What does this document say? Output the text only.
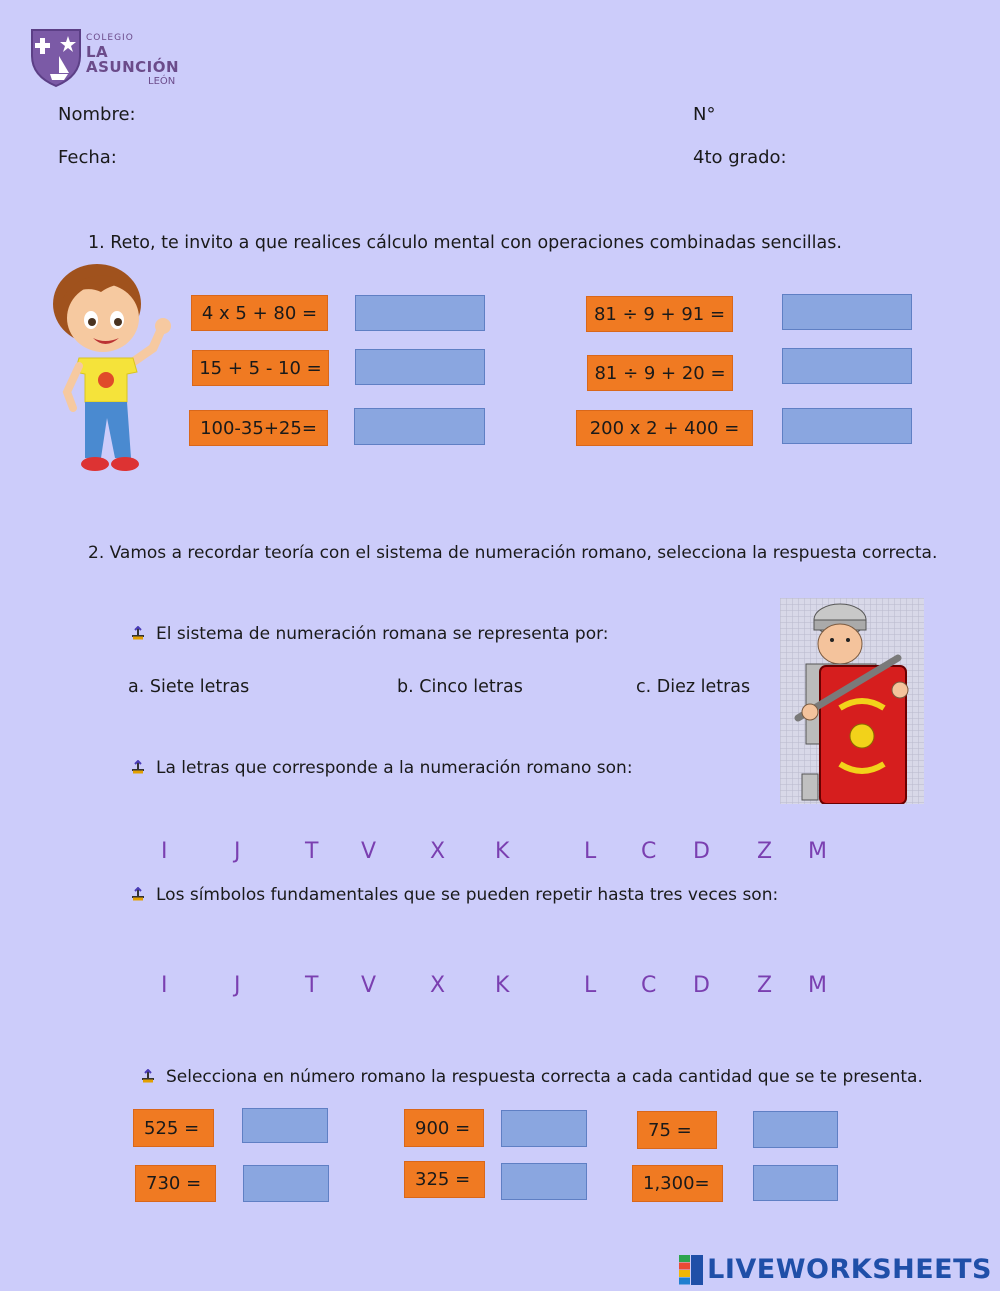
COLEGIO
LA ASUNCIÓN
LEÓN
Nombre:	N°
Fecha:	4to grado:
1. Reto, te invito a que realices cálculo mental con operaciones combinadas sencillas.
4 x 5 + 80 =
15 + 5 - 10 =
100-35+25=
81 ÷ 9 + 91 =
81 ÷ 9 + 20 =
200 x 2 + 400 =
2. Vamos a recordar teoría con el sistema de numeración romano, selecciona la respuesta correcta.
El sistema de numeración romana se representa por:
a. Siete letras	b. Cinco letras	c. Diez letras
La letras que corresponde a la numeración romano son:
I	J	T V X K	L C D Z M
Los símbolos fundamentales que se pueden repetir hasta tres veces son:
I	J	T V X K	L C D Z M
Selecciona en número romano la respuesta correcta a cada cantidad que se te presenta.
525 =	900 =	75 =
730 =	325 =	1,300=
LIVEWORKSHEETS
